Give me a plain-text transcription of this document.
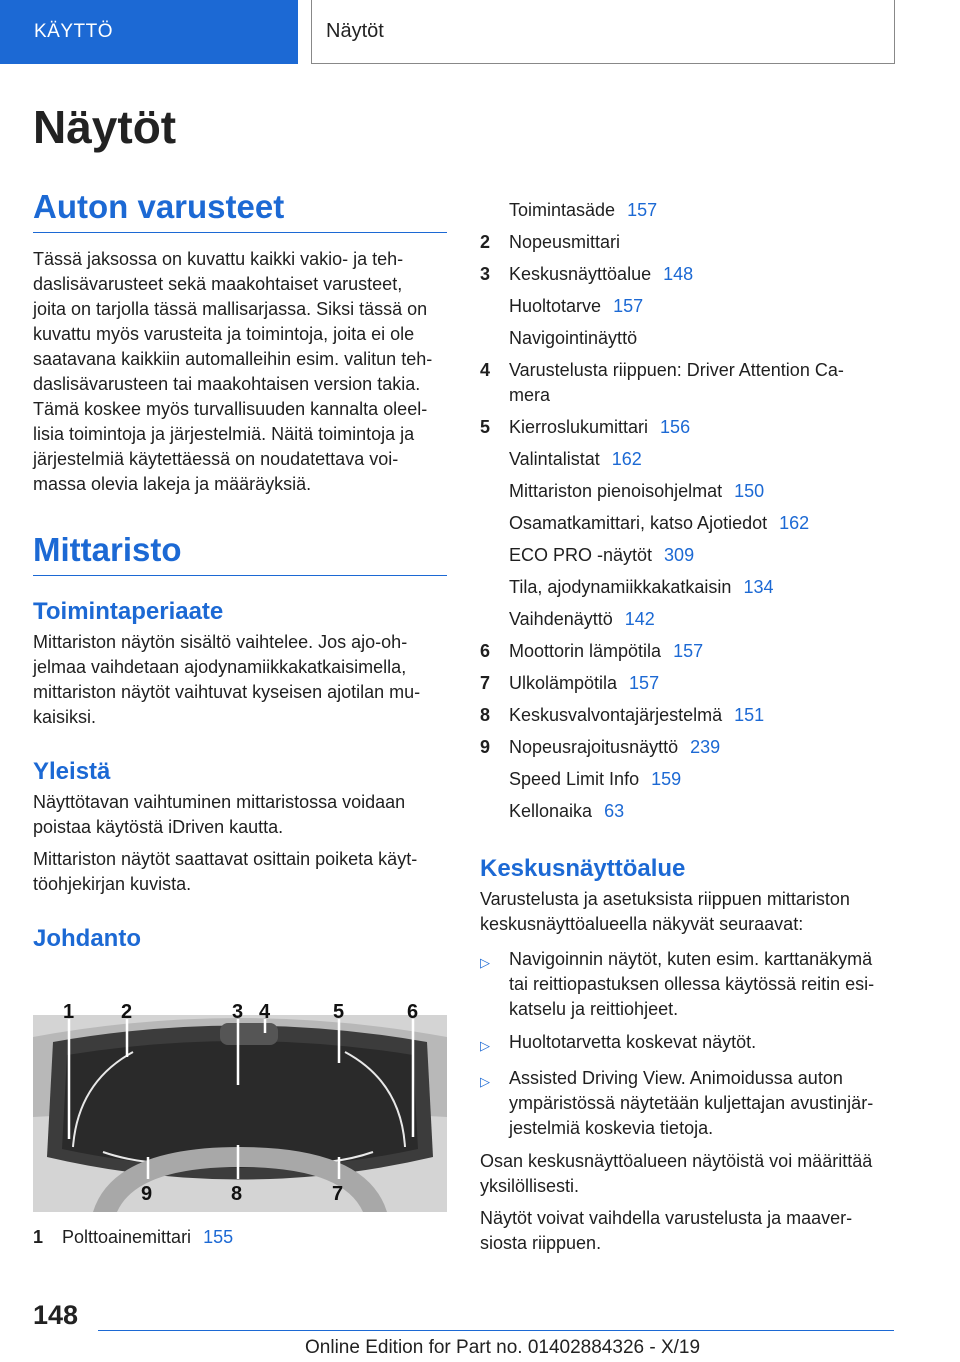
KÄYTTÖ	Näytöt
Näytöt
Auton varusteet

Tässä jaksossa on kuvattu kaikki vakio- ja teh‐

daslisävarusteet sekä maakohtaiset varusteet,

joita on tarjolla tässä mallisarjassa. Siksi tässä on

kuvattu myös varusteita ja toimintoja, joita ei ole

saatavana kaikkiin automalleihin esim. valitun teh‐

daslisävarusteen tai maakohtaisen version takia.

Tämä koskee myös turvallisuuden kannalta oleel‐

lisia toimintoja ja järjestelmiä. Näitä toimintoja ja

järjestelmiä käytettäessä on noudatettava voi‐

massa olevia lakeja ja määräyksiä.

Mittaristo
Toimintaperiaate

Mittariston näytön sisältö vaihtelee. Jos ajo-oh‐

jelmaa vaihdetaan ajodynamiikkakatkaisimella,

mittariston näytöt vaihtuvat kyseisen ajotilan mu‐

kaisiksi.

Yleistä

Näyttötavan vaihtuminen mittaristossa voidaan

poistaa käytöstä iDriven kautta.

Mittariston näytöt saattavat osittain poiketa käyt‐

töohjekirjan kuvista.

Johdanto
1 2	3 4	5	6
9	8	7
1	Polttoainemittari 155
Toimintasäde 157
2	Nopeusmittari
3	Keskusnäyttöalue 148
Huoltotarve 157
Navigointinäyttö
4	Varustelusta riippuen: Driver Attention Ca‐
mera
5	Kierroslukumittari 156
Valintalistat 162
Mittariston pienoisohjelmat 150
Osamatkamittari, katso Ajotiedot 162
ECO PRO -näytöt 309
Tila, ajodynamiikkakatkaisin 134
Vaihdenäyttö 142
6	Moottorin lämpötila 157
7	Ulkolämpötila 157
8	Keskusvalvontajärjestelmä 151
9	Nopeusrajoitusnäyttö 239
Speed Limit Info 159
Kellonaika 63
Keskusnäyttöalue

Varustelusta ja asetuksista riippuen mittariston

keskusnäyttöalueella näkyvät seuraavat:

▷	Navigoinnin näytöt, kuten esim. karttanäkymä
tai reittiopastuksen ollessa käytössä reitin esi‐
katselu ja reittiohjeet.
▷	Huoltotarvetta koskevat näytöt.
▷	Assisted Driving View. Animoidussa auton
ympäristössä näytetään kuljettajan avustinjär‐
jestelmiä koskevia tietoja.

Osan keskusnäyttöalueen näytöistä voi määrittää

yksilöllisesti.

Näytöt voivat vaihdella varustelusta ja maaver‐

siosta riippuen.

148
Online Edition for Part no. 01402884326 - X/19
